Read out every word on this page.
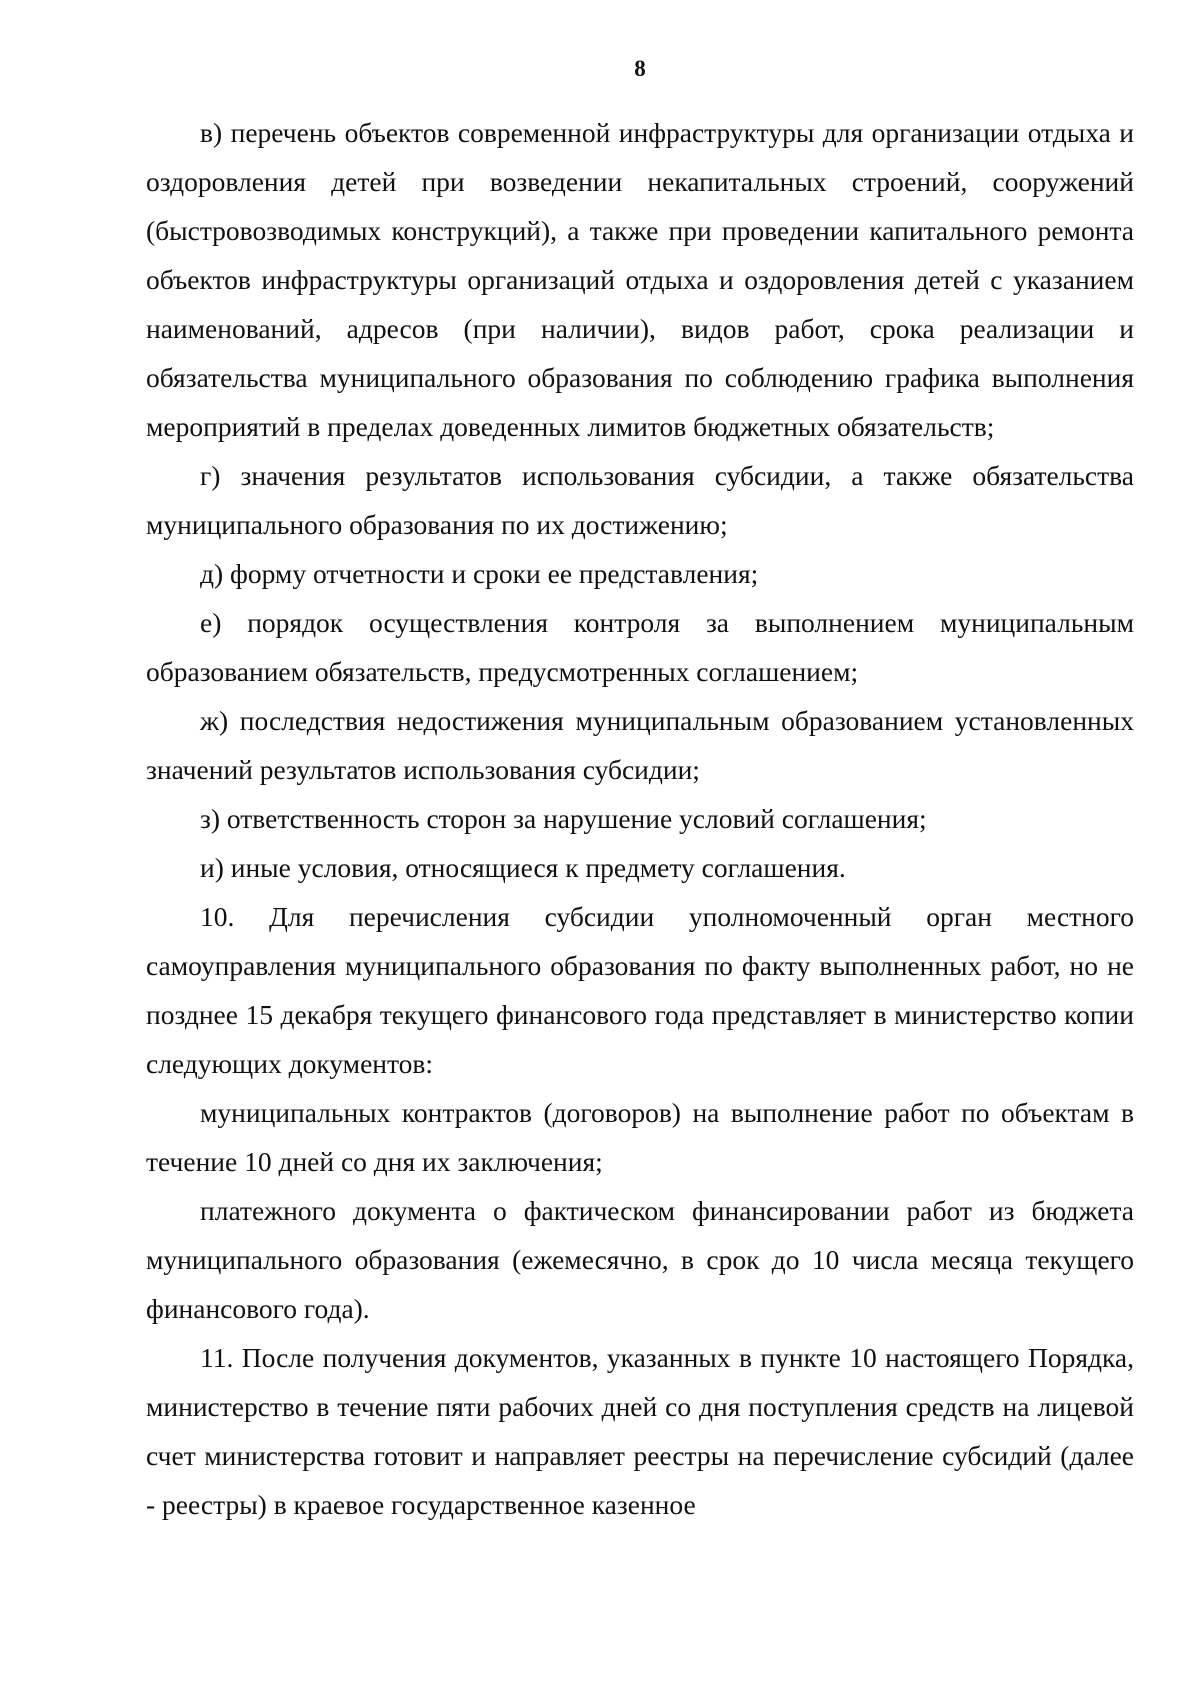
8

в) перечень объектов современной инфраструктуры для организации отдыха и оздоровления детей при возведении некапитальных строений, сооружений (быстровозводимых конструкций), а также при проведении капитального ремонта объектов инфраструктуры организаций отдыха и оздоровления детей с указанием наименований, адресов (при наличии), видов работ, срока реализации и обязательства муниципального образования по соблюдению графика выполнения мероприятий в пределах доведенных лимитов бюджетных обязательств;

г) значения результатов использования субсидии, а также обязательства муниципального образования по их достижению;

д) форму отчетности и сроки ее представления;

е) порядок осуществления контроля за выполнением муниципальным образованием обязательств, предусмотренных соглашением;

ж) последствия недостижения муниципальным образованием установленных значений результатов использования субсидии;

з) ответственность сторон за нарушение условий соглашения;

и) иные условия, относящиеся к предмету соглашения.

10. Для перечисления субсидии уполномоченный орган местного самоуправления муниципального образования по факту выполненных работ, но не позднее 15 декабря текущего финансового года представляет в министерство копии следующих документов:

муниципальных контрактов (договоров) на выполнение работ по объектам в течение 10 дней со дня их заключения;

платежного документа о фактическом финансировании работ из бюджета муниципального образования (ежемесячно, в срок до 10 числа месяца текущего финансового года).

11. После получения документов, указанных в пункте 10 настоящего Порядка, министерство в течение пяти рабочих дней со дня поступления средств на лицевой счет министерства готовит и направляет реестры на перечисление субсидий (далее - реестры) в краевое государственное казенное
